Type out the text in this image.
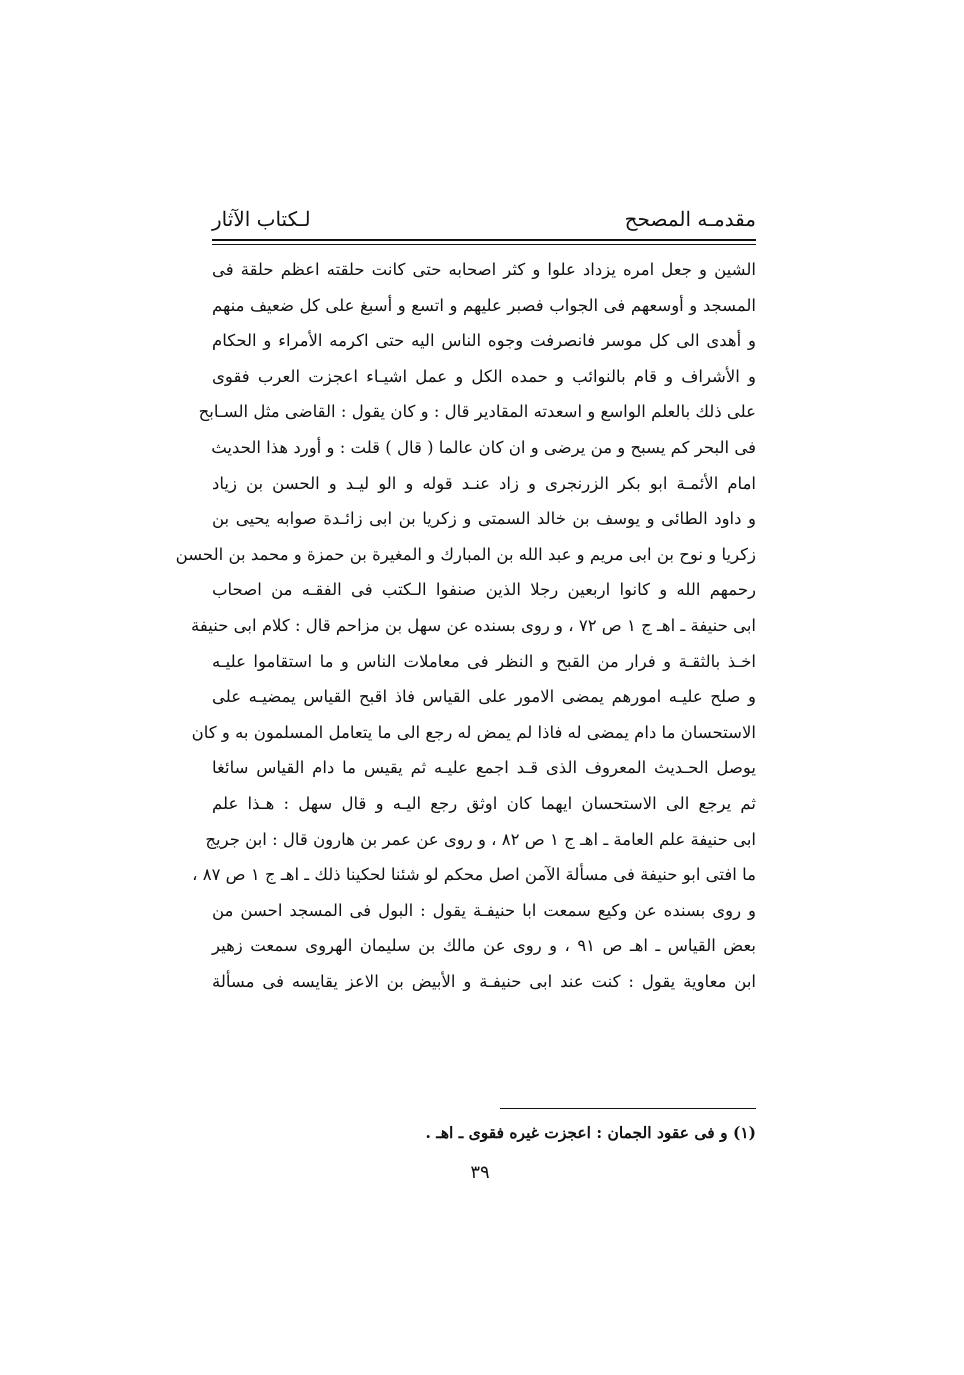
مقدمـه المصحح
لـكتاب الآثار
الشين و جعل امره يزداد علوا و كثر اصحابه حتى كانت حلقته اعظم حلقة فى
المسجد و أوسعهم فى الجواب فصبر عليهم و اتسع و أسبغ على كل ضعيف منهم
و أهدى الى كل موسر فانصرفت وجوه الناس اليه حتى اكرمه الأمراء و الحكام
و الأشراف و قام بالنوائب و حمده الكل و عمل اشيـاء اعجزت العرب فقوى
على ذلك بالعلم الواسع و اسعدته المقادير قال : و كان يقول : القاضى مثل السـابح
فى البحر كم يسبح و من يرضى و ان كان عالما ( قال ) قلت : و أورد هذا الحديث
امام الأئمـة ابو بكر الزرنجرى و زاد عنـد قوله و الو ليـد و الحسن بن زياد
و داود الطائى و يوسف بن خالد السمتى و زكريا بن ابى زائـدة صوابه يحيى بن
زكريا و نوح بن ابى مريم و عبد الله بن المبارك و المغيرة بن حمزة و محمد بن الحسن
رحمهم الله و كانوا اربعين رجلا الذين صنفوا الـكتب فى الفقـه من اصحاب
ابى حنيفة ـ اهـ ج ١ ص ٧٢ ، و روى بسنده عن سهل بن مزاحم قال : كلام ابى حنيفة
اخـذ بالثقـة و فرار من القبح و النظر فى معاملات الناس و ما استقاموا عليـه
و صلح عليـه امورهم يمضى الامور على القياس فاذ اقبح القياس يمضيـه على
الاستحسان ما دام يمضى له فاذا لم يمض له رجع الى ما يتعامل المسلمون به و كان
يوصل الحـديث المعروف الذى قـد اجمع عليـه ثم يقيس ما دام القياس سائغا
ثم يرجع الى الاستحسان ايهما كان اوثق رجع اليـه و قال سهل : هـذا علم
ابى حنيفة علم العامة ـ اهـ ج ١ ص ٨٢ ، و روى عن عمر بن هارون قال : ابن جريج
ما افتى ابو حنيفة فى مسألة الآمن اصل محكم لو شئنا لحكينا ذلك ـ اهـ ج ١ ص ٨٧ ،
و روى بسنده عن وكيع سمعت ابا حنيفـة يقول : البول فى المسجد احسن من
بعض القياس ـ اهـ ص ٩١ ، و روى عن مالك بن سليمان الهروى سمعت زهير
ابن معاوية يقول : كنت عند ابى حنيفـة و الأبيض بن الاعز يقايسه فى مسألة
(١) و فى عقود الجمان : اعجزت غيره فقوى ـ اهـ .
٣٩
